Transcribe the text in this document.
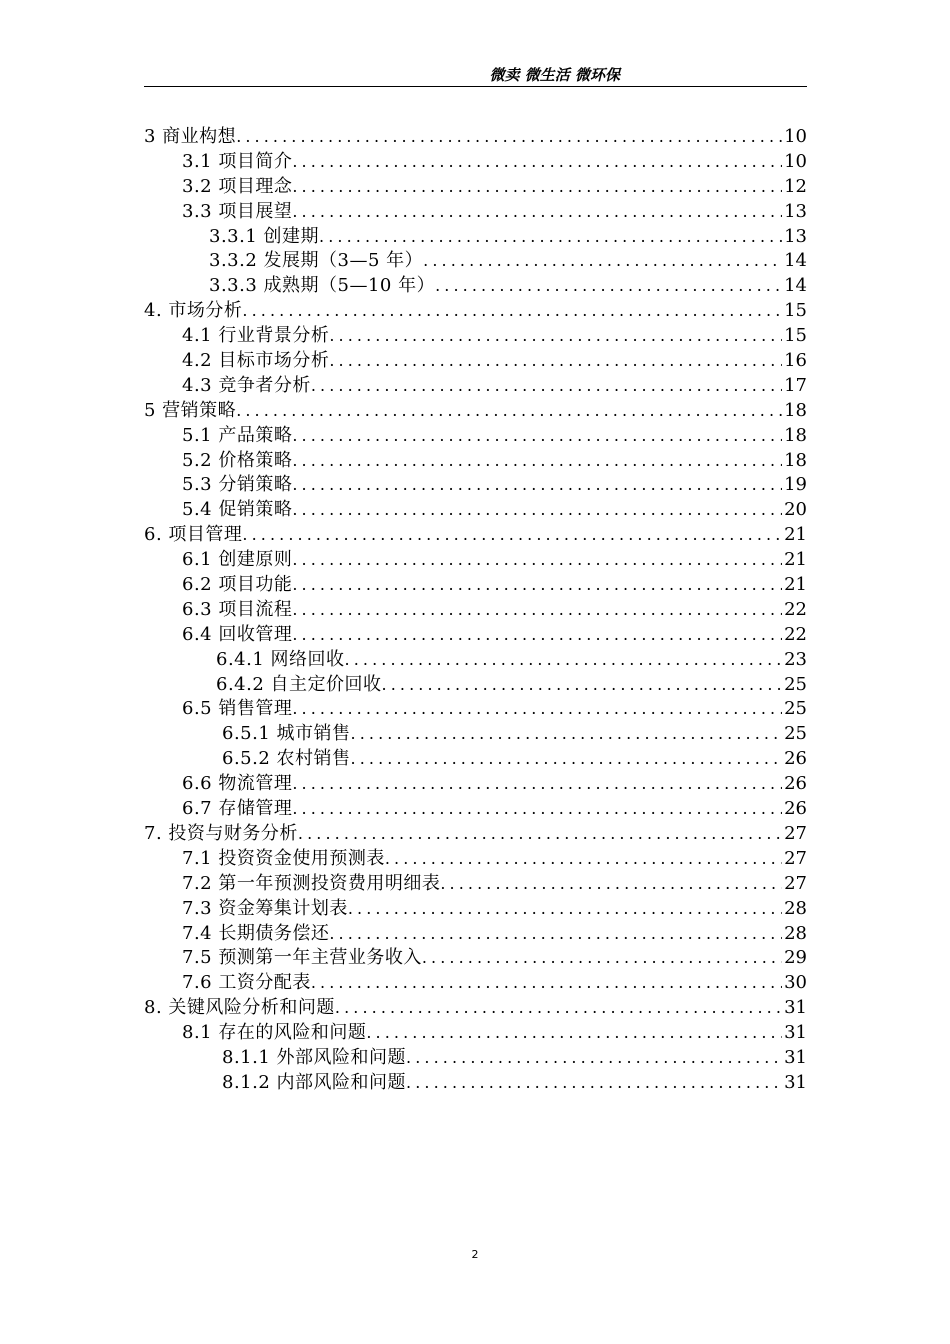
微卖 微生活 微环保
3 商业构想 .....	10
3.1 项目简介 .....	10
3.2 项目理念 .....	12
3.3 项目展望 .....	13
3.3.1 创建期 .....	13
3.3.2 发展期（3—5 年） .....	14
3.3.3 成熟期（5—10 年） .....	14
4. 市场分析 .....	15
4.1 行业背景分析 .....	15
4.2 目标市场分析 .....	16
4.3 竞争者分析 .....	17
5 营销策略 .....	18
5.1 产品策略 .....	18
5.2 价格策略 .....	18
5.3 分销策略 .....	19
5.4 促销策略 .....	20
6. 项目管理 .....	21
6.1 创建原则 .....	21
6.2 项目功能 .....	21
6.3 项目流程 .....	22
6.4 回收管理 .....	22
6.4.1 网络回收 .....	23
6.4.2 自主定价回收 .....	25
6.5 销售管理 .....	25
6.5.1 城市销售 .....	25
6.5.2 农村销售 .....	26
6.6 物流管理 .....	26
6.7 存储管理 .....	26
7. 投资与财务分析 .....	27
7.1 投资资金使用预测表 .....	27
7.2 第一年预测投资费用明细表 .....	27
7.3 资金筹集计划表 .....	28
7.4 长期债务偿还 .....	28
7.5 预测第一年主营业务收入 .....	29
7.6 工资分配表 .....	30
8. 关键风险分析和问题 .....	31
8.1 存在的风险和问题 .....	31
8.1.1 外部风险和问题 .....	31
8.1.2 内部风险和问题 .....	31
2
